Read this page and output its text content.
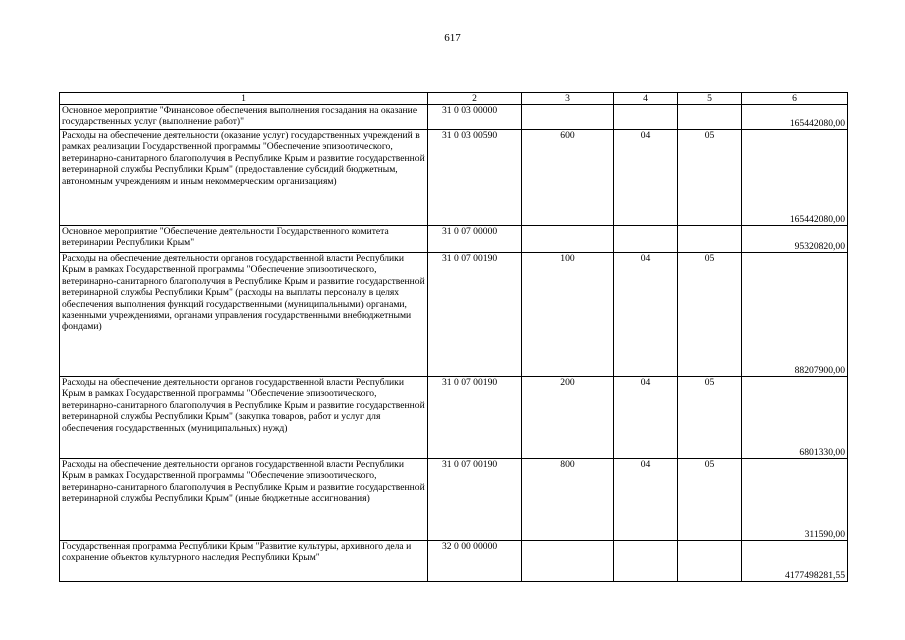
617
1	2	3	4	5	6
Основное мероприятие "Финансовое обеспечения выполнения госзадания на оказание государственных услуг (выполнение работ)"	31 0 03 00000				165442080,00
Расходы на обеспечение деятельности (оказание услуг) государственных учреждений в рамках реализации Государственной программы "Обеспечение эпизоотического, ветеринарно-санитарного благополучия в Республике Крым и развитие государственной ветеринарной службы Республики Крым" (предоставление субсидий бюджетным, автономным учреждениям и иным некоммерческим организациям)	31 0 03 00590	600	04	05	165442080,00
Основное мероприятие "Обеспечение деятельности Государственного комитета ветеринарии Республики Крым"	31 0 07 00000				95320820,00
Расходы на обеспечение деятельности органов государственной власти Республики Крым в рамках Государственной программы "Обеспечение эпизоотического, ветеринарно-санитарного благополучия в Республике Крым и развитие государственной ветеринарной службы Республики Крым" (расходы на выплаты персоналу в целях обеспечения выполнения функций государственными (муниципальными) органами, казенными учреждениями, органами управления государственными внебюджетными фондами)	31 0 07 00190	100	04	05	88207900,00
Расходы на обеспечение деятельности органов государственной власти Республики Крым в рамках Государственной программы "Обеспечение эпизоотического, ветеринарно-санитарного благополучия в Республике Крым и развитие государственной ветеринарной службы Республики Крым" (закупка товаров, работ и услуг для обеспечения государственных (муниципальных) нужд)	31 0 07 00190	200	04	05	6801330,00
Расходы на обеспечение деятельности органов государственной власти Республики Крым в рамках Государственной программы "Обеспечение эпизоотического, ветеринарно-санитарного благополучия в Республике Крым и развитие государственной ветеринарной службы Республики Крым" (иные бюджетные ассигнования)	31 0 07 00190	800	04	05	311590,00
Государственная программа Республики Крым "Развитие культуры, архивного дела и сохранение объектов культурного наследия Республики Крым"	32 0 00 00000				4177498281,55
